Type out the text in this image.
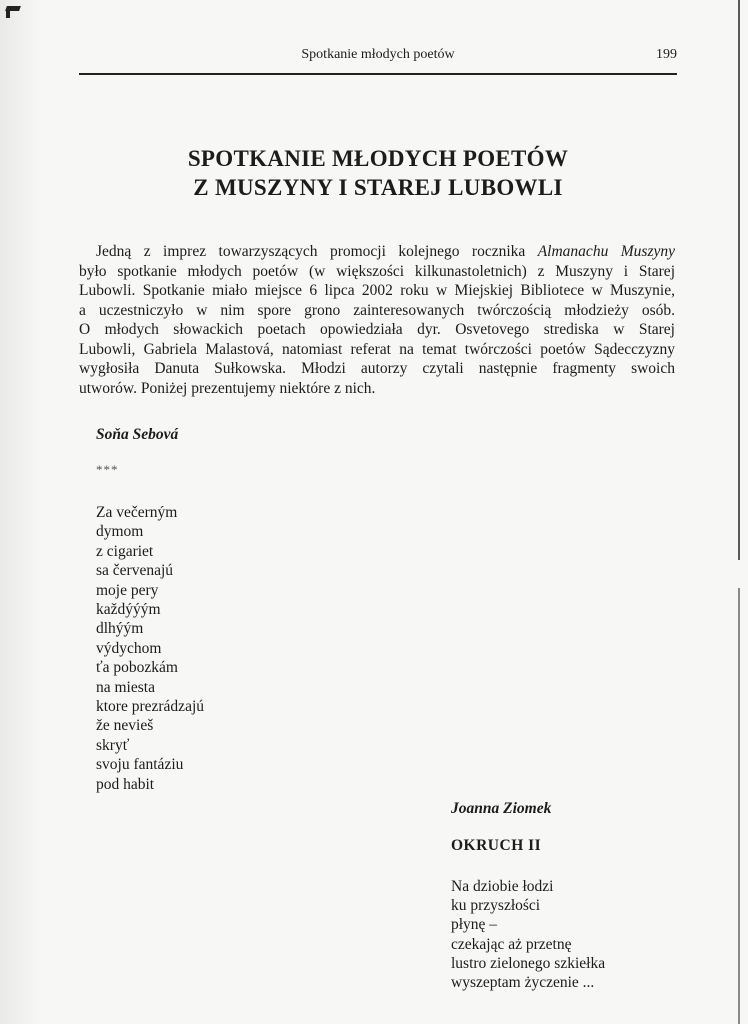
Spotkanie młodych poetów	199
SPOTKANIE MŁODYCH POETÓW
Z MUSZYNY I STAREJ LUBOWLI
Jedną z imprez towarzyszących promocji kolejnego rocznika Almanachu Muszyny
było spotkanie młodych poetów (w większości kilkunastoletnich) z Muszyny i Starej
Lubowli. Spotkanie miało miejsce 6 lipca 2002 roku w Miejskiej Bibliotece w Muszynie,
a uczestniczyło w nim spore grono zainteresowanych twórczością młodzieży osób.
O młodych słowackich poetach opowiedziała dyr. Osvetovego strediska w Starej
Lubowli, Gabriela Malastová, natomiast referat na temat twórczości poetów Sądecczyzny
wygłosiła Danuta Sułkowska. Młodzi autorzy czytali następnie fragmenty swoich
utworów. Poniżej prezentujemy niektóre z nich.
Soňa Sebová
***
Za večerným
dymom
z cigariet
sa červenajú
moje pery
každýýým
dlhýým
výdychom
ťa pobozkám
na miesta
ktore prezrádzajú
že nevieš
skryť
svoju fantáziu
pod habit
Joanna Ziomek
OKRUCH II
Na dziobie łodzi
ku przyszłości
płynę –
czekając aż przetnę
lustro zielonego szkiełka
wyszeptam życzenie ...
